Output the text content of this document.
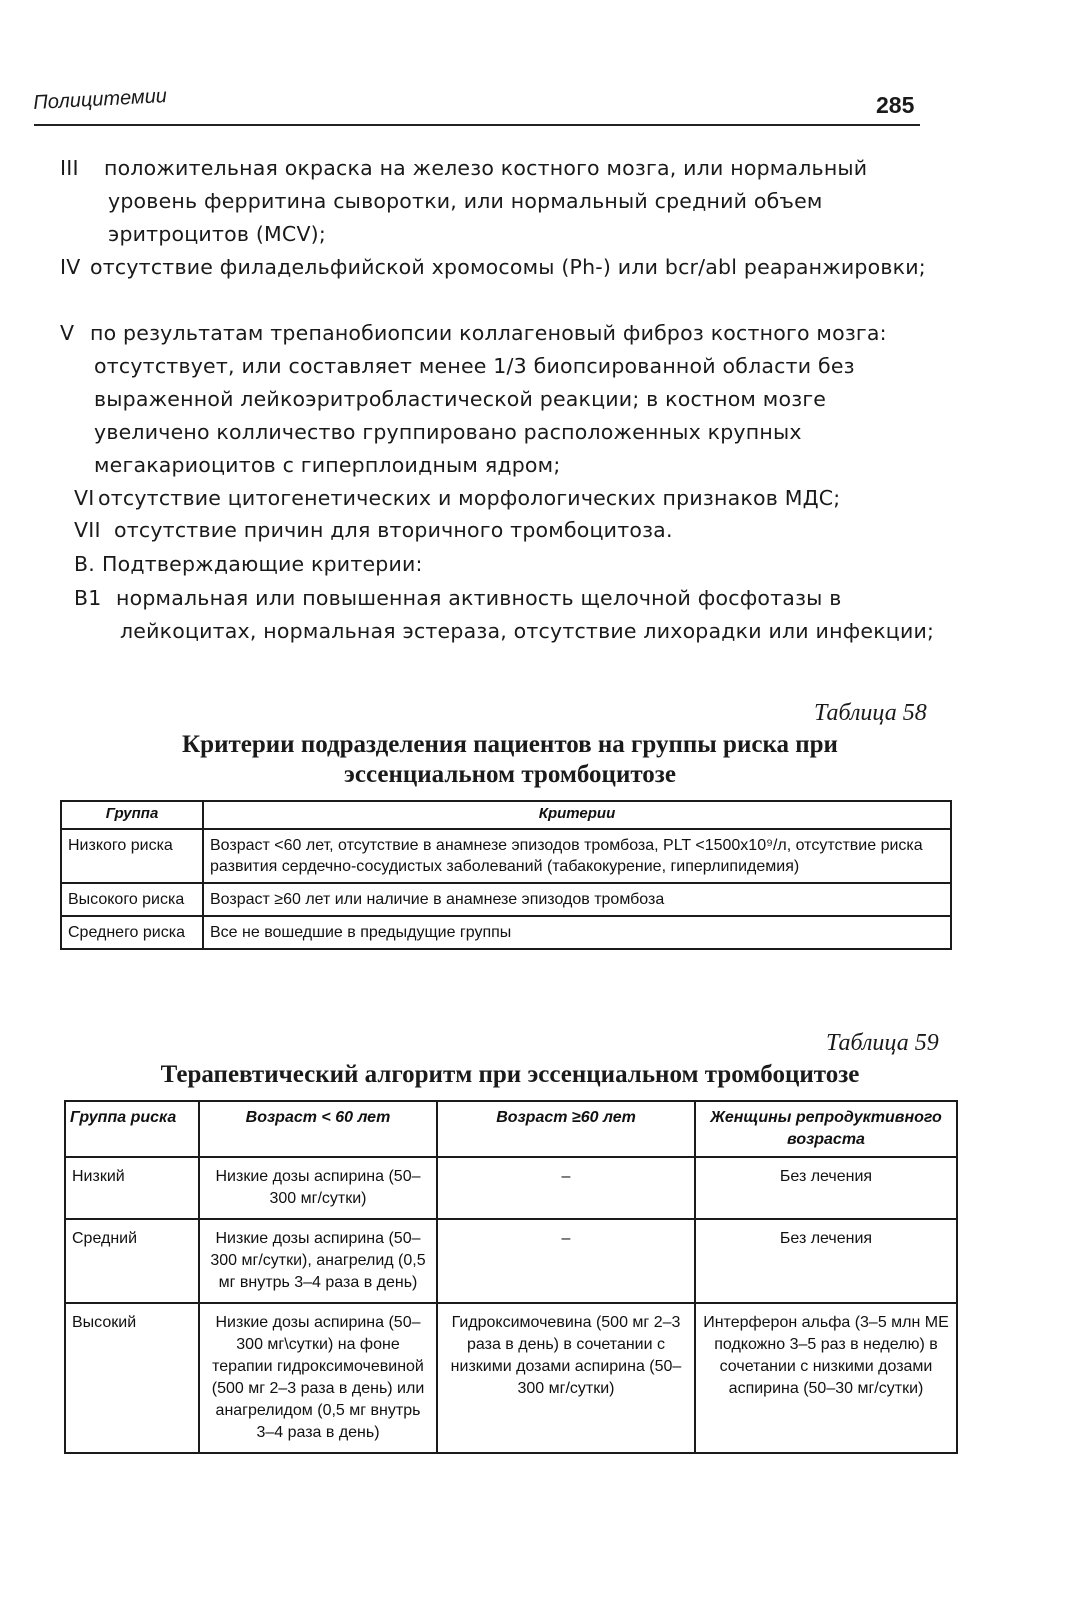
Полицитемии	285
III	положительная окраска на железо костного мозга, или нормальный уровень ферритина сыворотки, или нормальный средний объем эритроцитов (MCV);
IV отсутствие филадельфийской хромосомы (Ph-) или bcr/abl реаранжировки;
V по результатам трепанобиопсии коллагеновый фиброз костного мозга: отсутствует, или составляет менее 1/3 биопсированной области без выраженной лейкоэритробластической реакции; в костном мозге увеличено колличество группировано расположенных крупных мегакариоцитов с гиперплоидным ядром;
VI отсутствие цитогенетических и морфологических признаков МДС;
VII отсутствие причин для вторичного тромбоцитоза.
B. Подтверждающие критерии:
B1 нормальная или повышенная активность щелочной фосфотазы в лейкоцитах, нормальная эстераза, отсутствие лихорадки или инфекции;
Таблица 58
Критерии подразделения пациентов на группы риска при эссенциальном тромбоцитозе
Группа	Критерии
Низкого риска	Возраст <60 лет, отсутствие в анамнезе эпизодов тромбоза, PLT <1500x10⁹/л, отсутствие риска развития сердечно-сосудистых заболеваний (табакокурение, гиперлипидемия)
Высокого риска	Возраст ≥60 лет или наличие в анамнезе эпизодов тромбоза
Среднего риска	Все не вошедшие в предыдущие группы
Таблица 59
Терапевтический алгоритм при эссенциальном тромбоцитозе
Группа риска	Возраст < 60 лет	Возраст ≥60 лет	Женщины репродуктивного возраста
Низкий	Низкие дозы аспирина (50–300 мг/сутки)	–	Без лечения
Средний	Низкие дозы аспирина (50–300 мг/сутки), анагрелид (0,5 мг внутрь 3–4 раза в день)	–	Без лечения
Высокий	Низкие дозы аспирина (50–300 мг\сутки) на фоне терапии гидроксимочевиной (500 мг 2–3 раза в день) или анагрелидом (0,5 мг внутрь 3–4 раза в день)	Гидроксимочевина (500 мг 2–3 раза в день) в сочетании с низкими дозами аспирина (50–300 мг/сутки)	Интерферон альфа (3–5 млн МЕ подкожно 3–5 раз в неделю) в сочетании с низкими дозами аспирина (50–30 мг/сутки)
